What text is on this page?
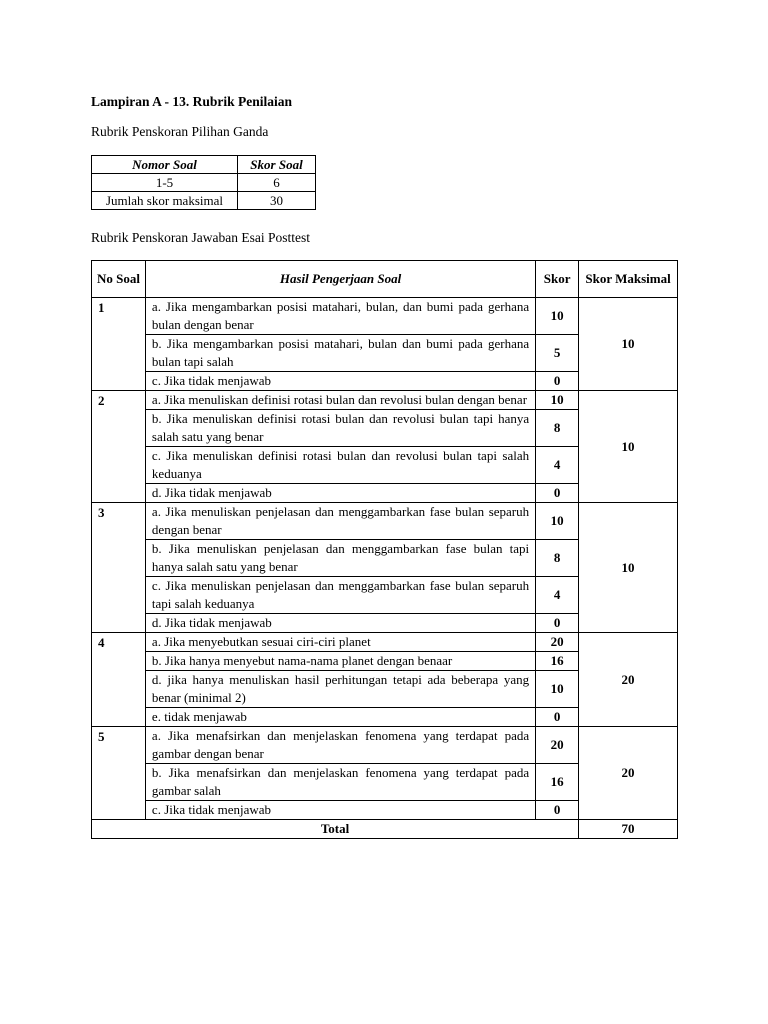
Lampiran A - 13. Rubrik Penilaian
Rubrik Penskoran Pilihan Ganda
Nomor Soal	Skor Soal
1-5	6
Jumlah skor maksimal	30
Rubrik Penskoran Jawaban Esai Posttest
No Soal	Hasil Pengerjaan Soal	Skor	Skor Maksimal
1	a. Jika mengambarkan posisi matahari, bulan, dan bumi pada gerhana bulan dengan benar	10	10
	b. Jika mengambarkan posisi matahari, bulan dan bumi pada gerhana bulan tapi salah	5	
	c. Jika tidak menjawab	0	
2	a. Jika menuliskan definisi rotasi bulan dan revolusi bulan dengan benar	10	10
	b. Jika menuliskan definisi rotasi bulan dan revolusi bulan tapi hanya salah satu yang benar	8	
	c. Jika menuliskan definisi rotasi bulan dan revolusi bulan tapi salah keduanya	4	
	d. Jika tidak menjawab	0	
3	a. Jika menuliskan penjelasan dan menggambarkan fase bulan separuh dengan benar	10	10
	b. Jika menuliskan penjelasan dan menggambarkan fase bulan tapi hanya salah satu yang benar	8	
	c. Jika menuliskan penjelasan dan menggambarkan fase bulan separuh tapi salah keduanya	4	
	d. Jika tidak menjawab	0	
4	a. Jika menyebutkan sesuai ciri-ciri planet	20	20
	b. Jika hanya menyebut nama-nama planet dengan benaar	16	
	d. jika hanya menuliskan hasil perhitungan tetapi ada beberapa yang benar (minimal 2)	10	
	e. tidak menjawab	0	
5	a. Jika menafsirkan dan menjelaskan fenomena yang terdapat pada gambar dengan benar	20	20
	b. Jika menafsirkan dan menjelaskan fenomena yang terdapat pada gambar salah	16	
	c. Jika tidak menjawab	0	
Total			70
